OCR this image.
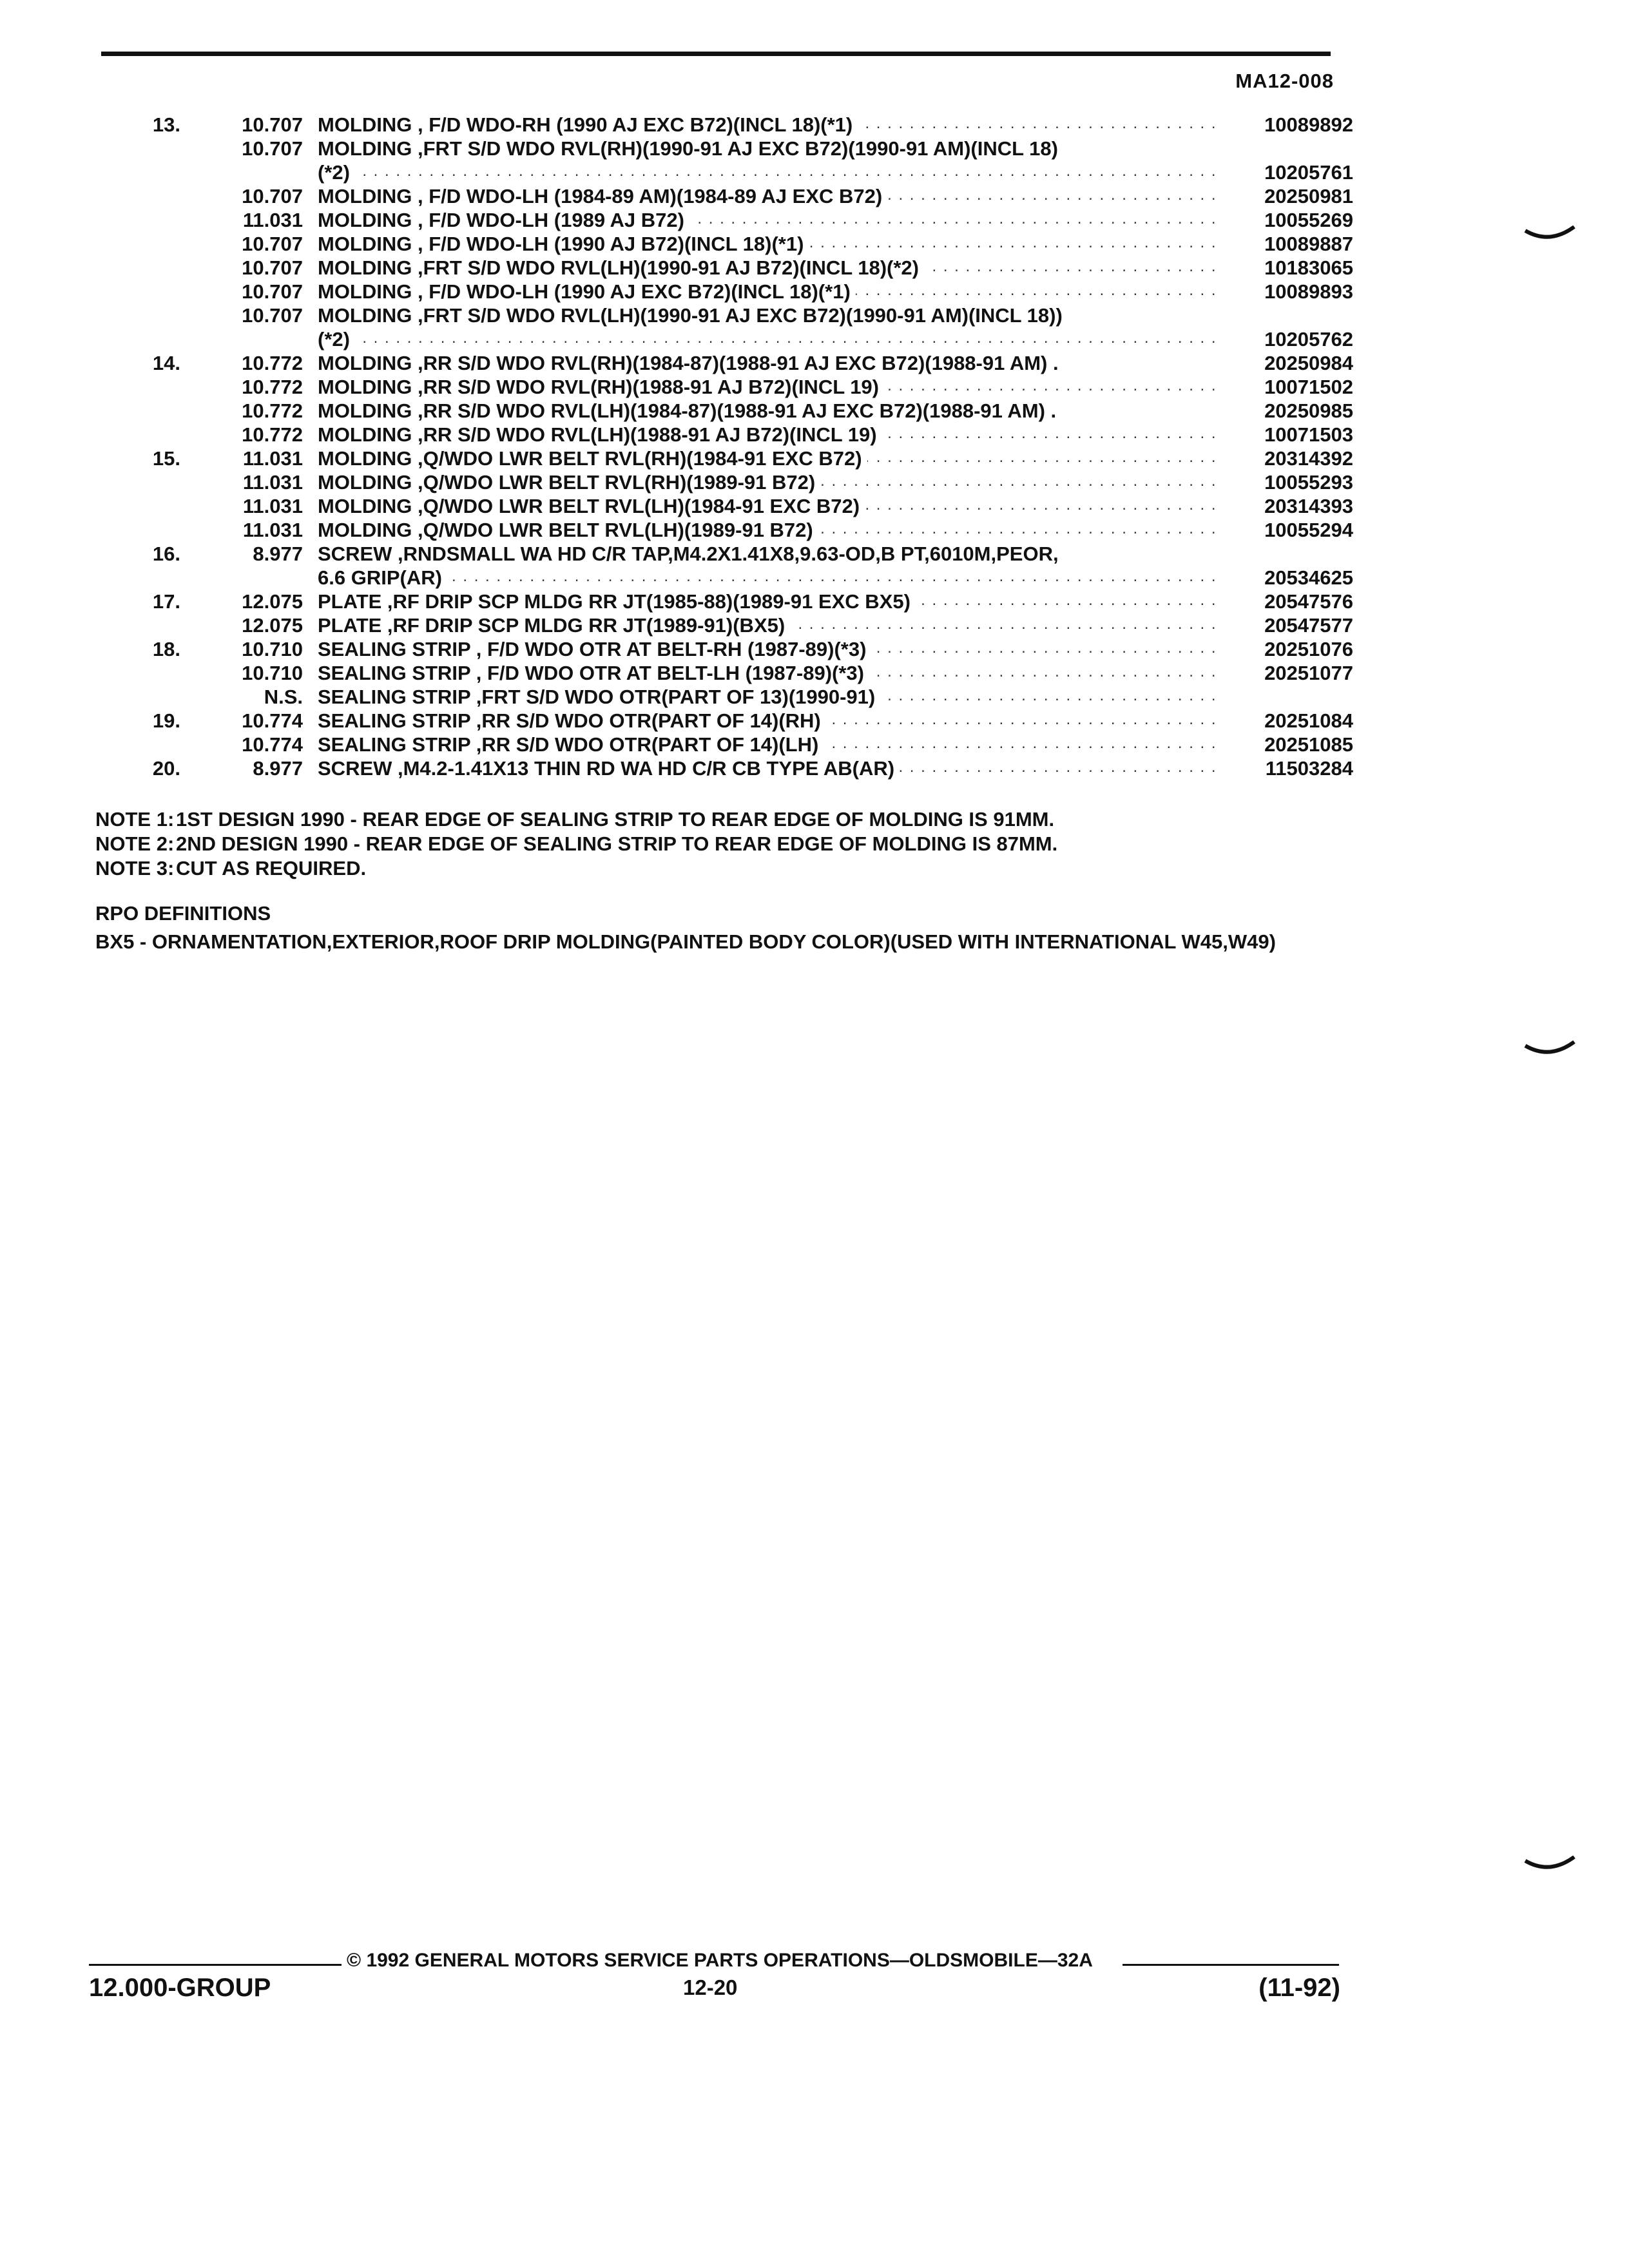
MA12-008
13.	10.707 MOLDING , F/D WDO-RH (1990 AJ EXC B72)(INCL 18)(*1) . . .	10089892
10.707 MOLDING ,FRT S/D WDO RVL(RH)(1990-91 AJ EXC B72)(1990-91 AM)(INCL 18)
(*2) . . .	10205761
10.707 MOLDING , F/D WDO-LH (1984-89 AM)(1984-89 AJ EXC B72) . . .	20250981
11.031 MOLDING , F/D WDO-LH (1989 AJ B72) . . .	10055269
10.707 MOLDING , F/D WDO-LH (1990 AJ B72)(INCL 18)(*1) . . .	10089887
10.707 MOLDING ,FRT S/D WDO RVL(LH)(1990-91 AJ B72)(INCL 18)(*2) . . .	10183065
10.707 MOLDING , F/D WDO-LH (1990 AJ EXC B72)(INCL 18)(*1) . . .	10089893
10.707 MOLDING ,FRT S/D WDO RVL(LH)(1990-91 AJ EXC B72)(1990-91 AM)(INCL 18))
(*2) . . .	10205762
14.	10.772 MOLDING ,RR S/D WDO RVL(RH)(1984-87)(1988-91 AJ EXC B72)(1988-91 AM) .	20250984
10.772 MOLDING ,RR S/D WDO RVL(RH)(1988-91 AJ B72)(INCL 19) . . .	10071502
10.772 MOLDING ,RR S/D WDO RVL(LH)(1984-87)(1988-91 AJ EXC B72)(1988-91 AM) .	20250985
10.772 MOLDING ,RR S/D WDO RVL(LH)(1988-91 AJ B72)(INCL 19) . . .	10071503
15.	11.031 MOLDING ,Q/WDO LWR BELT RVL(RH)(1984-91 EXC B72) . . .	20314392
11.031 MOLDING ,Q/WDO LWR BELT RVL(RH)(1989-91 B72) . . .	10055293
11.031 MOLDING ,Q/WDO LWR BELT RVL(LH)(1984-91 EXC B72) . . .	20314393
11.031 MOLDING ,Q/WDO LWR BELT RVL(LH)(1989-91 B72) . . .	10055294
16.	8.977 SCREW ,RNDSMALL WA HD C/R TAP,M4.2X1.41X8,9.63-OD,B PT,6010M,PEOR,
6.6 GRIP(AR) . . .	20534625
17.	12.075 PLATE ,RF DRIP SCP MLDG RR JT(1985-88)(1989-91 EXC BX5) . . .	20547576
12.075 PLATE ,RF DRIP SCP MLDG RR JT(1989-91)(BX5) . . .	20547577
18.	10.710 SEALING STRIP , F/D WDO OTR AT BELT-RH (1987-89)(*3) . . .	20251076
10.710 SEALING STRIP , F/D WDO OTR AT BELT-LH (1987-89)(*3) . . .	20251077
N.S. SEALING STRIP ,FRT S/D WDO OTR(PART OF 13)(1990-91) . . .
19.	10.774 SEALING STRIP ,RR S/D WDO OTR(PART OF 14)(RH) . . .	20251084
10.774 SEALING STRIP ,RR S/D WDO OTR(PART OF 14)(LH) . . .	20251085
20.	8.977 SCREW ,M4.2-1.41X13 THIN RD WA HD C/R CB TYPE AB(AR) . . .	11503284
NOTE 1:1ST DESIGN 1990 - REAR EDGE OF SEALING STRIP TO REAR EDGE OF MOLDING IS 91MM.
NOTE 2:2ND DESIGN 1990 - REAR EDGE OF SEALING STRIP TO REAR EDGE OF MOLDING IS 87MM.
NOTE 3:CUT AS REQUIRED.
RPO DEFINITIONS
BX5 - ORNAMENTATION,EXTERIOR,ROOF DRIP MOLDING(PAINTED BODY COLOR)(USED WITH INTERNATIONAL W45,W49)
© 1992 GENERAL MOTORS SERVICE PARTS OPERATIONS—OLDSMOBILE—32A
12.000-GROUP	12-20	(11-92)
